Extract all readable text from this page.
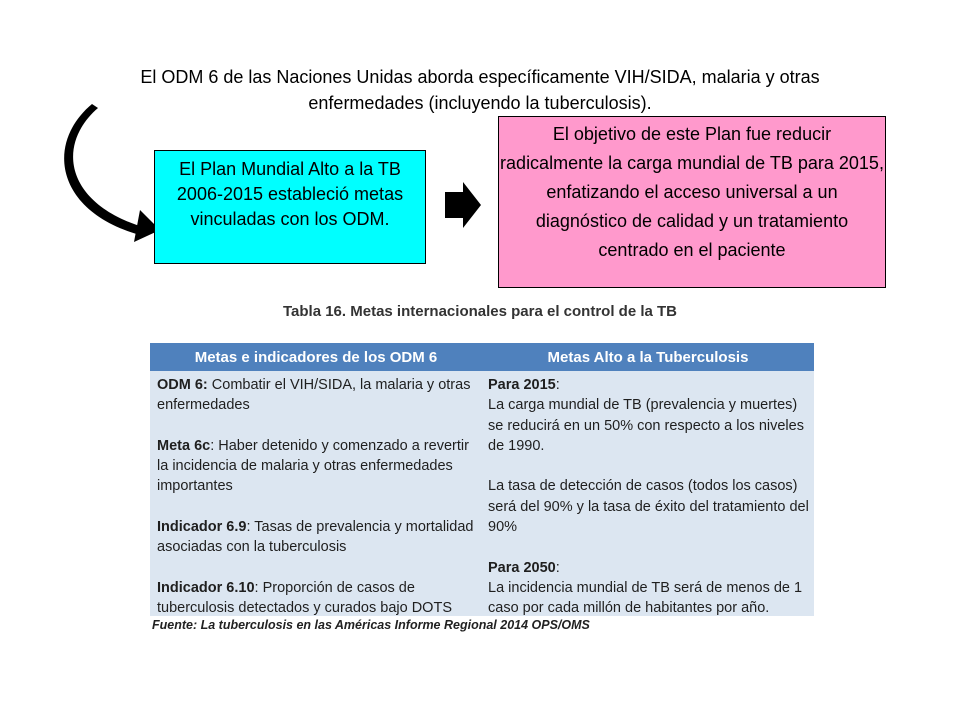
El ODM 6 de las Naciones Unidas aborda específicamente VIH/SIDA, malaria y otras
enfermedades (incluyendo la tuberculosis).
El Plan Mundial Alto a la TB 2006-2015 estableció metas vinculadas con los ODM.
El objetivo de este Plan fue reducir radicalmente la carga mundial de TB para 2015, enfatizando el acceso universal a un diagnóstico de calidad y un tratamiento centrado en el paciente
Tabla 16. Metas internacionales para el control de la TB
Metas e indicadores de los ODM 6	Metas Alto a la Tuberculosis
ODM 6: Combatir el VIH/SIDA, la malaria y otras enfermedades
Meta 6c: Haber detenido y comenzado a revertir la incidencia de malaria y otras enfermedades importantes
Indicador 6.9: Tasas de prevalencia y mortalidad asociadas con la tuberculosis
Indicador 6.10: Proporción de casos de tuberculosis detectados y curados bajo DOTS
Para 2015:
La carga mundial de TB (prevalencia y muertes) se reducirá en un 50% con respecto a los niveles de 1990.
La tasa de detección de casos (todos los casos) será del 90% y la tasa de éxito del tratamiento del 90%
Para 2050:
La incidencia mundial de TB será de menos de 1 caso por cada millón de habitantes por año.
Fuente: La tuberculosis en las Américas Informe Regional 2014 OPS/OMS
